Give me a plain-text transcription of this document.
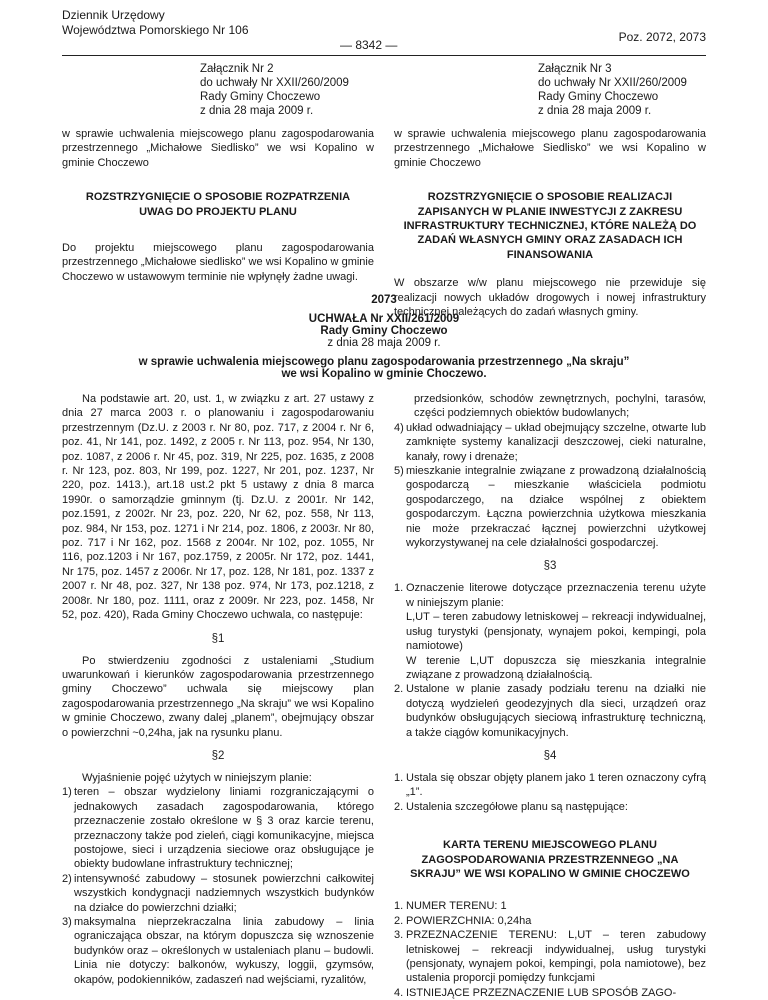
Dziennik Urzędowy
Województwa Pomorskiego Nr 106
— 8342 —
Poz. 2072, 2073
Załącznik Nr 2
do uchwały Nr XXII/260/2009
Rady Gminy Choczewo
z dnia 28 maja 2009 r.

w sprawie uchwalenia miejscowego planu zagospodarowania przestrzennego „Michałowe Siedlisko” we wsi Kopalino w gminie Choczewo

ROZSTRZYGNIĘCIE O SPOSOBIE ROZPATRZENIA UWAG DO PROJEKTU PLANU

Do projektu miejscowego planu zagospodarowania przestrzennego „Michałowe siedlisko” we wsi Kopalino w gminie Choczewo w ustawowym terminie nie wpłynęły żadne uwagi.

Załącznik Nr 3
do uchwały Nr XXII/260/2009
Rady Gminy Choczewo
z dnia 28 maja 2009 r.

w sprawie uchwalenia miejscowego planu zagospodarowania przestrzennego „Michałowe Siedlisko” we wsi Kopalino w gminie Choczewo

ROZSTRZYGNIĘCIE O SPOSOBIE REALIZACJI ZAPISANYCH W PLANIE INWESTYCJI Z ZAKRESU INFRASTRUKTURY TECHNICZNEJ, KTÓRE NALEŻĄ DO ZADAŃ WŁASNYCH GMINY ORAZ ZASADACH ICH FINANSOWANIA

W obszarze w/w planu miejscowego nie przewiduje się realizacji nowych układów drogowych i nowej infrastruktury technicznej należących do zadań własnych gminy.

2073
UCHWAŁA Nr XXII/261/2009
Rady Gminy Choczewo
z dnia 28 maja 2009 r.
w sprawie uchwalenia miejscowego planu zagospodarowania przestrzennego „Na skraju”
we wsi Kopalino w gminie Choczewo.

Na podstawie art. 20, ust. 1, w związku z art. 27 ustawy z dnia 27 marca 2003 r. o planowaniu i zagospodarowaniu przestrzennym (Dz.U. z 2003 r. Nr 80, poz. 717, z 2004 r. Nr 6, poz. 41, Nr 141, poz. 1492, z 2005 r. Nr 113, poz. 954, Nr 130, poz. 1087, z 2006 r. Nr 45, poz. 319, Nr 225, poz. 1635, z 2008 r. Nr 123, poz. 803, Nr 199, poz. 1227, Nr 201, poz. 1237, Nr 220, poz. 1413.), art.18 ust.2 pkt 5 ustawy z dnia 8 marca 1990r. o samorządzie gminnym (tj. Dz.U. z 2001r. Nr 142, poz.1591, z 2002r. Nr 23, poz. 220, Nr 62, poz. 558, Nr 113, poz. 984, Nr 153, poz. 1271 i Nr 214, poz. 1806, z 2003r. Nr 80, poz. 717 i Nr 162, poz. 1568 z 2004r. Nr 102, poz. 1055, Nr 116, poz.1203 i Nr 167, poz.1759, z 2005r. Nr 172, poz. 1441, Nr 175, poz. 1457 z 2006r. Nr 17, poz. 128, Nr 181, poz. 1337 z 2007 r. Nr 48, poz. 327, Nr 138 poz. 974, Nr 173, poz.1218, z 2008r. Nr 180, poz. 1111, oraz z 2009r. Nr 223, poz. 1458, Nr 52, poz. 420), Rada Gminy Choczewo uchwala, co następuje:

§1

Po stwierdzeniu zgodności z ustaleniami „Studium uwarunkowań i kierunków zagospodarowania przestrzennego gminy Choczewo” uchwala się miejscowy plan zagospodarowania przestrzennego „Na skraju” we wsi Kopalino w gminie Choczewo, zwany dalej „planem”, obejmujący obszar o powierzchni ~0,24ha, jak na rysunku planu.

§2

Wyjaśnienie pojęć użytych w niniejszym planie:

1) teren – obszar wydzielony liniami rozgraniczającymi o jednakowych zasadach zagospodarowania, którego przeznaczenie zostało określone w § 3 oraz karcie terenu, przeznaczony także pod zieleń, ciągi komunikacyjne, miejsca postojowe, sieci i urządzenia sieciowe oraz obsługujące je obiekty budowlane infrastruktury technicznej;
2) intensywność zabudowy – stosunek powierzchni całkowitej wszystkich kondygnacji nadziemnych wszystkich budynków na działce do powierzchni działki;
3) maksymalna nieprzekraczalna linia zabudowy – linia ograniczająca obszar, na którym dopuszcza się wznoszenie budynków oraz – określonych w ustaleniach planu – budowli. Linia nie dotyczy: balkonów, wykuszy, loggii, gzymsów, okapów, podokienników, zadaszeń nad wejściami, ryzalitów,

przedsionków, schodów zewnętrznych, pochylni, tarasów, części podziemnych obiektów budowlanych;

4) układ odwadniający – układ obejmujący szczelne, otwarte lub zamknięte systemy kanalizacji deszczowej, cieki naturalne, kanały, rowy i drenaże;
5) mieszkanie integralnie związane z prowadzoną działalnością gospodarczą – mieszkanie właściciela podmiotu gospodarczego, na działce wspólnej z obiektem gospodarczym. Łączna powierzchnia użytkowa mieszkania nie może przekraczać łącznej powierzchni użytkowej wykorzystywanej na cele działalności gospodarczej.
§3
1. Oznaczenie literowe dotyczące przeznaczenia terenu użyte w niniejszym planie:
L,UT – teren zabudowy letniskowej – rekreacji indywidualnej, usług turystyki (pensjonaty, wynajem pokoi, kempingi, pola namiotowe)
W terenie L,UT dopuszcza się mieszkania integralnie związane z prowadzoną działalnością.
2. Ustalone w planie zasady podziału terenu na działki nie dotyczą wydzieleń geodezyjnych dla sieci, urządzeń oraz budynków obsługujących sieciową infrastrukturę techniczną, a także ciągów komunikacyjnych.
§4
1. Ustala się obszar objęty planem jako 1 teren oznaczony cyfrą „1”.
2. Ustalenia szczegółowe planu są następujące:

KARTA TERENU MIEJSCOWEGO PLANU ZAGOSPODAROWANIA PRZESTRZENNEGO „NA SKRAJU” WE WSI KOPALINO W GMINIE CHOCZEWO

1. NUMER TERENU: 1
2. POWIERZCHNIA: 0,24ha
3. PRZEZNACZENIE TERENU: L,UT – teren zabudowy letniskowej – rekreacji indywidualnej, usług turystyki (pensjonaty, wynajem pokoi, kempingi, pola namiotowe), bez ustalenia proporcji pomiędzy funkcjami
4. ISTNIEJĄCE PRZEZNACZENIE LUB SPOSÓB ZAGO-
